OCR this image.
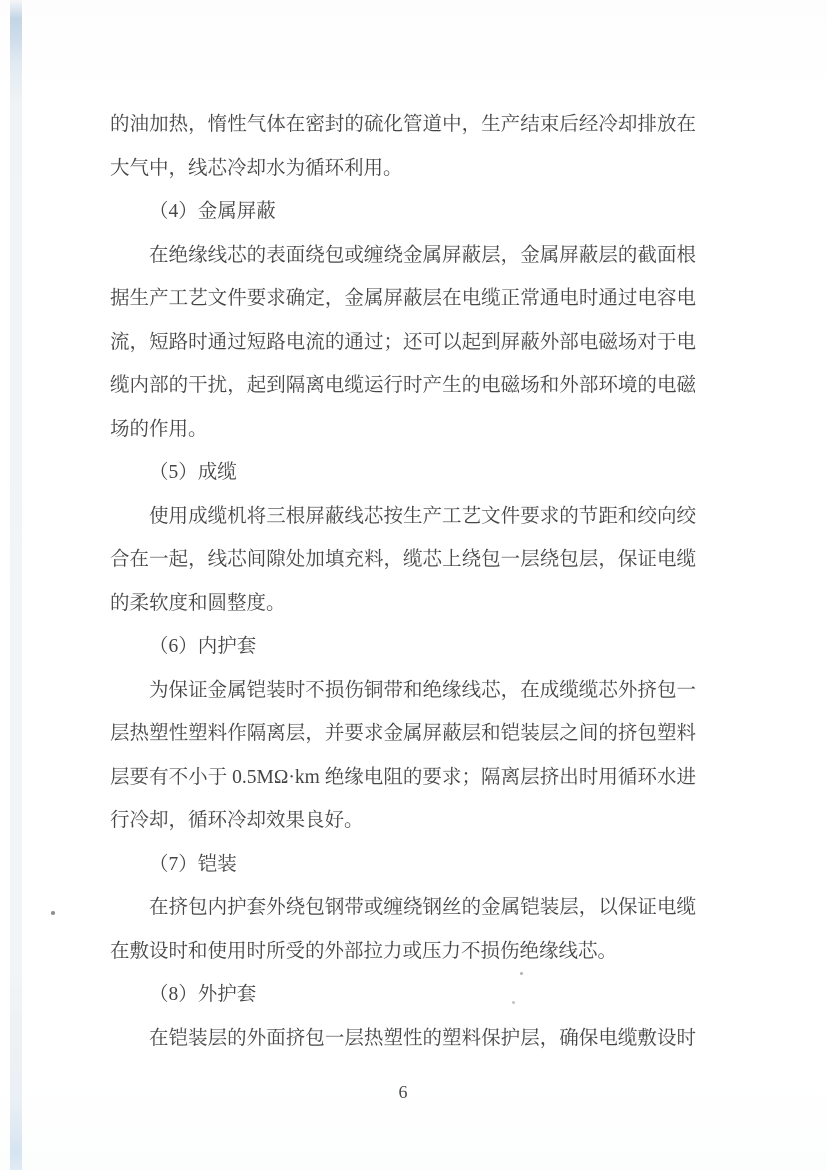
的油加热，惰性气体在密封的硫化管道中，生产结束后经冷却排放在
大气中，线芯冷却水为循环利用。
（4）金属屏蔽
在绝缘线芯的表面绕包或缠绕金属屏蔽层，金属屏蔽层的截面根
据生产工艺文件要求确定，金属屏蔽层在电缆正常通电时通过电容电
流，短路时通过短路电流的通过；还可以起到屏蔽外部电磁场对于电
缆内部的干扰，起到隔离电缆运行时产生的电磁场和外部环境的电磁
场的作用。
（5）成缆
使用成缆机将三根屏蔽线芯按生产工艺文件要求的节距和绞向绞
合在一起，线芯间隙处加填充料，缆芯上绕包一层绕包层，保证电缆
的柔软度和圆整度。
（6）内护套
为保证金属铠装时不损伤铜带和绝缘线芯，在成缆缆芯外挤包一
层热塑性塑料作隔离层，并要求金属屏蔽层和铠装层之间的挤包塑料
层要有不小于 0.5MΩ·km 绝缘电阻的要求；隔离层挤出时用循环水进
行冷却，循环冷却效果良好。
（7）铠装
在挤包内护套外绕包钢带或缠绕钢丝的金属铠装层，以保证电缆
在敷设时和使用时所受的外部拉力或压力不损伤绝缘线芯。
（8）外护套
在铠装层的外面挤包一层热塑性的塑料保护层，确保电缆敷设时
6
